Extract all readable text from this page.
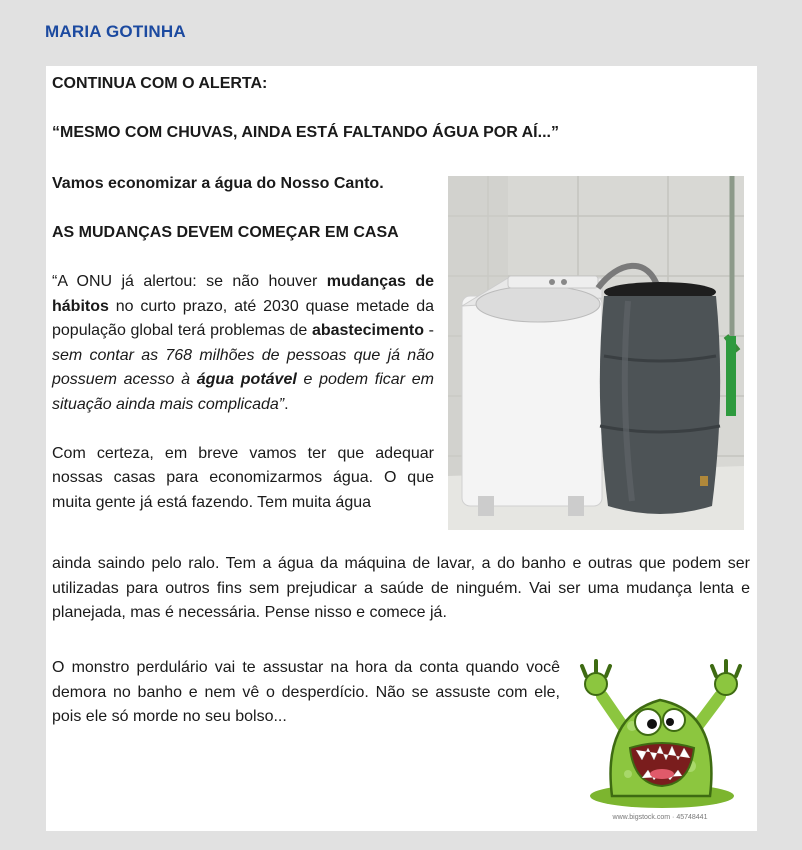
MARIA GOTINHA
CONTINUA COM O ALERTA:
“MESMO COM CHUVAS, AINDA ESTÁ FALTANDO ÁGUA POR AÍ...”

Vamos economizar a água do Nosso Canto.

AS MUDANÇAS DEVEM COMEÇAR EM CASA

“A ONU já alertou: se não houver mudanças de hábitos no curto prazo, até 2030 quase metade da população global terá problemas de abastecimento - sem contar as 768 milhões de pessoas que já não possuem acesso à água potável e podem ficar em situação ainda mais complicada”.

Com certeza, em breve vamos ter que adequar nossas casas para economizarmos água. O que muita gente já está fazendo. Tem muita água

ainda saindo pelo ralo. Tem a água da máquina de lavar, a do banho e outras que podem ser utilizadas para outros fins sem prejudicar a saúde de ninguém. Vai ser uma mudança lenta e planejada, mas é necessária. Pense nisso e comece já.

O monstro perdulário vai te assustar na hora da conta quando você demora no banho e nem vê o desperdício. Não se assuste com ele, pois ele só morde no seu bolso...

www.bigstock.com · 45748441
